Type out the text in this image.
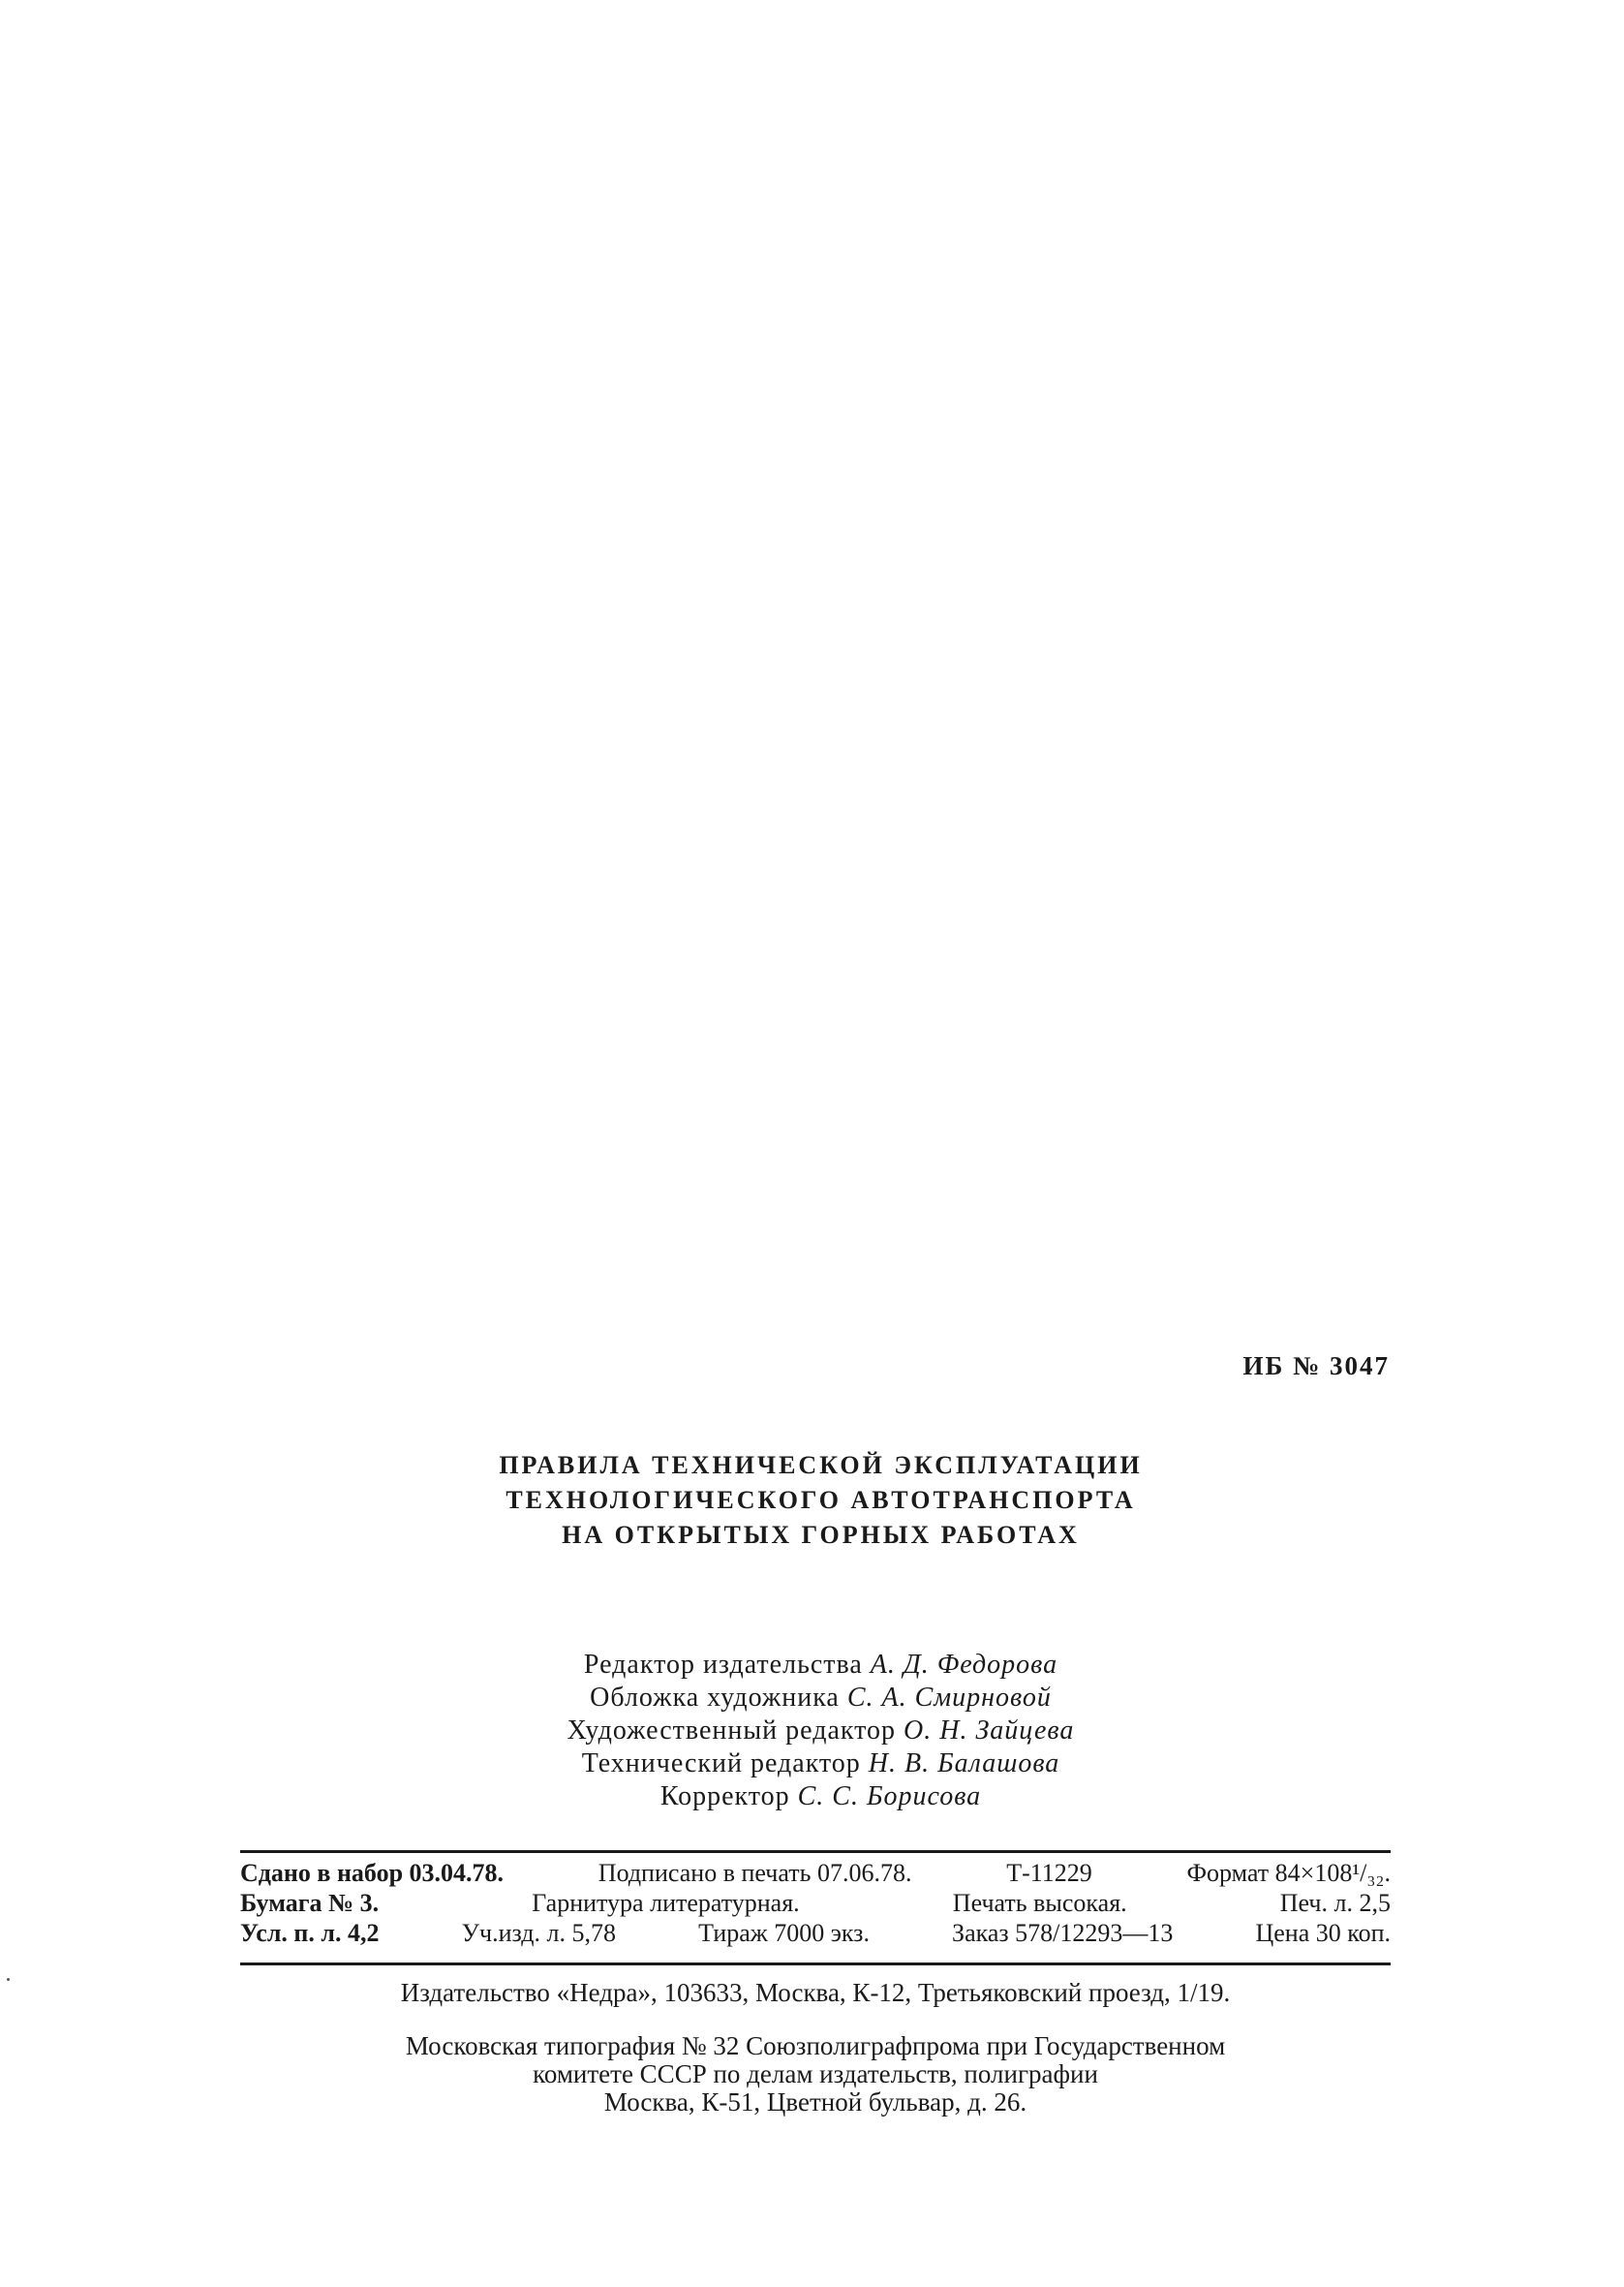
ИБ № 3047
ПРАВИЛА ТЕХНИЧЕСКОЙ ЭКСПЛУАТАЦИИ
ТЕХНОЛОГИЧЕСКОГО АВТОТРАНСПОРТА
НА ОТКРЫТЫХ ГОРНЫХ РАБОТАХ
Редактор издательства А. Д. Федорова
Обложка художника С. А. Смирновой
Художественный редактор О. Н. Зайцева
Технический редактор Н. В. Балашова
Корректор С. С. Борисова
Сдано в набор 03.04.78.	Подписано в печать 07.06.78.	Т-11229	Формат 84×108¹/₃₂.
Бумага № 3.	Гарнитура литературная.	Печать высокая.	Печ. л. 2,5
Усл. п. л. 4,2	Уч.изд. л. 5,78	Тираж 7000 экз.	Заказ 578/12293—13	Цена 30 коп.
Издательство «Недра», 103633, Москва, К-12, Третьяковский проезд, 1/19.
Московская типография № 32 Союзполиграфпрома при Государственном
комитете СССР по делам издательств, полиграфии
Москва, К-51, Цветной бульвар, д. 26.
